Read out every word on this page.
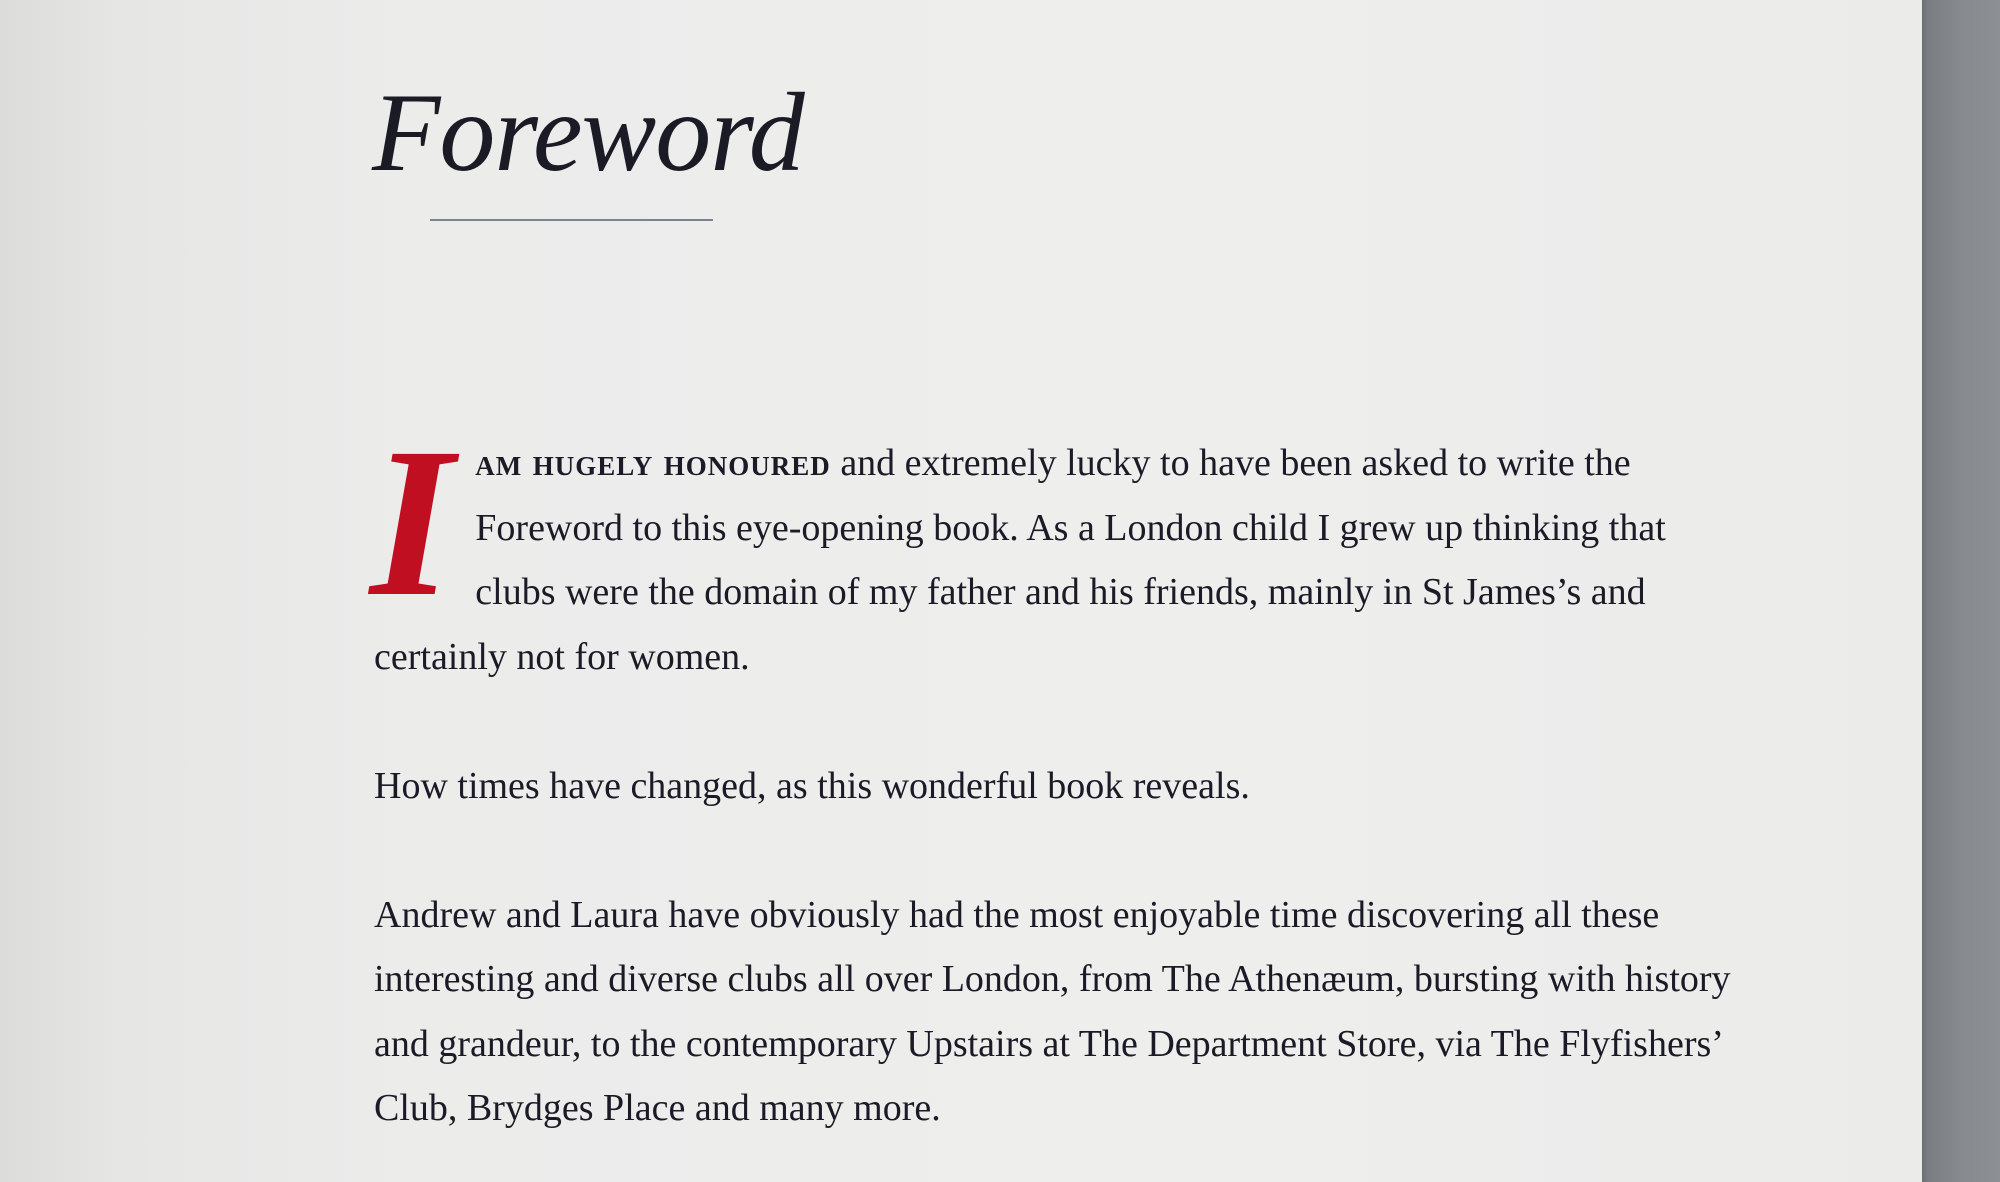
Foreword

Iam hugely honoured and extremely lucky to have been asked to write the Foreword to this eye-opening book. As a London child I grew up thinking that clubs were the domain of my father and his friends, mainly in St James’s and certainly not for women.

How times have changed, as this wonderful book reveals.

Andrew and Laura have obviously had the most enjoyable time discovering all these interesting and diverse clubs all over London, from The Athenæum, bursting with history and grandeur, to the contemporary Upstairs at The Department Store, via The Flyfishers’ Club, Brydges Place and many more.
